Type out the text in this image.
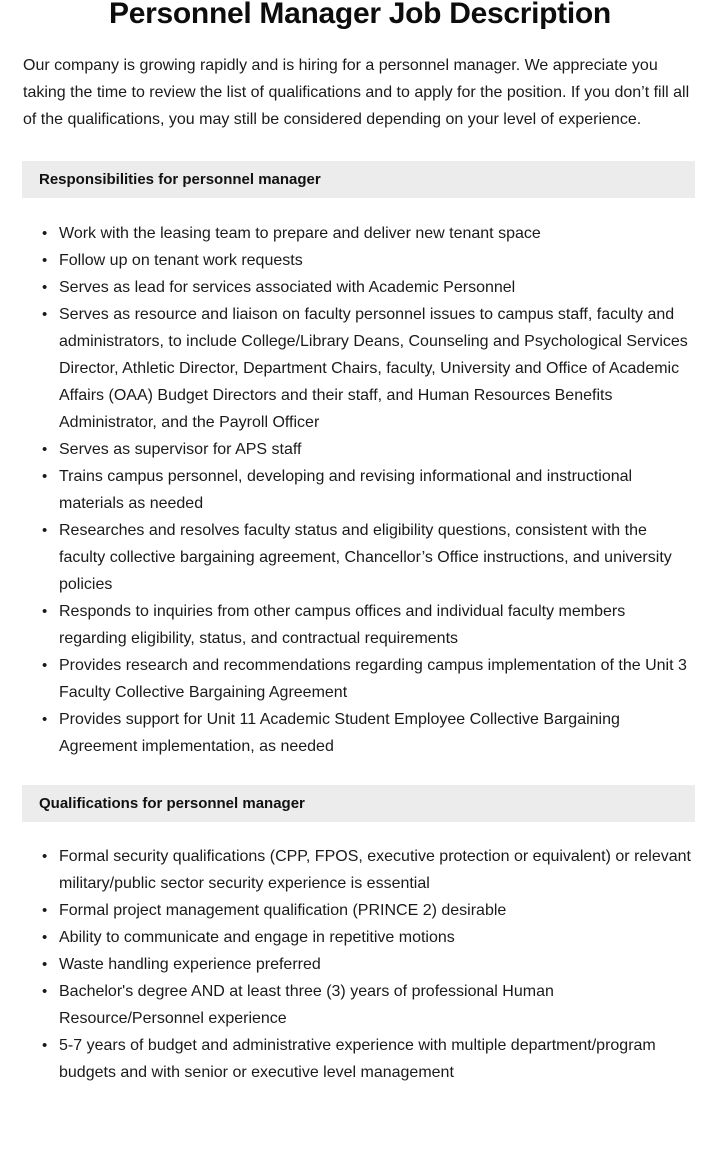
Personnel Manager Job Description

Our company is growing rapidly and is hiring for a personnel manager. We appreciate you taking the time to review the list of qualifications and to apply for the position. If you don’t fill all of the qualifications, you may still be considered depending on your level of experience.

Responsibilities for personnel manager
• Work with the leasing team to prepare and deliver new tenant space
• Follow up on tenant work requests
• Serves as lead for services associated with Academic Personnel
• Serves as resource and liaison on faculty personnel issues to campus staff, faculty and administrators, to include College/Library Deans, Counseling and Psychological Services Director, Athletic Director, Department Chairs, faculty, University and Office of Academic Affairs (OAA) Budget Directors and their staff, and Human Resources Benefits Administrator, and the Payroll Officer
• Serves as supervisor for APS staff
• Trains campus personnel, developing and revising informational and instructional materials as needed
• Researches and resolves faculty status and eligibility questions, consistent with the faculty collective bargaining agreement, Chancellor’s Office instructions, and university policies
• Responds to inquiries from other campus offices and individual faculty members regarding eligibility, status, and contractual requirements
• Provides research and recommendations regarding campus implementation of the Unit 3 Faculty Collective Bargaining Agreement
• Provides support for Unit 11 Academic Student Employee Collective Bargaining Agreement implementation, as needed
Qualifications for personnel manager
• Formal security qualifications (CPP, FPOS, executive protection or equivalent) or relevant military/public sector security experience is essential
• Formal project management qualification (PRINCE 2) desirable
• Ability to communicate and engage in repetitive motions
• Waste handling experience preferred
• Bachelor's degree AND at least three (3) years of professional Human Resource/Personnel experience
• 5-7 years of budget and administrative experience with multiple department/program budgets and with senior or executive level management
